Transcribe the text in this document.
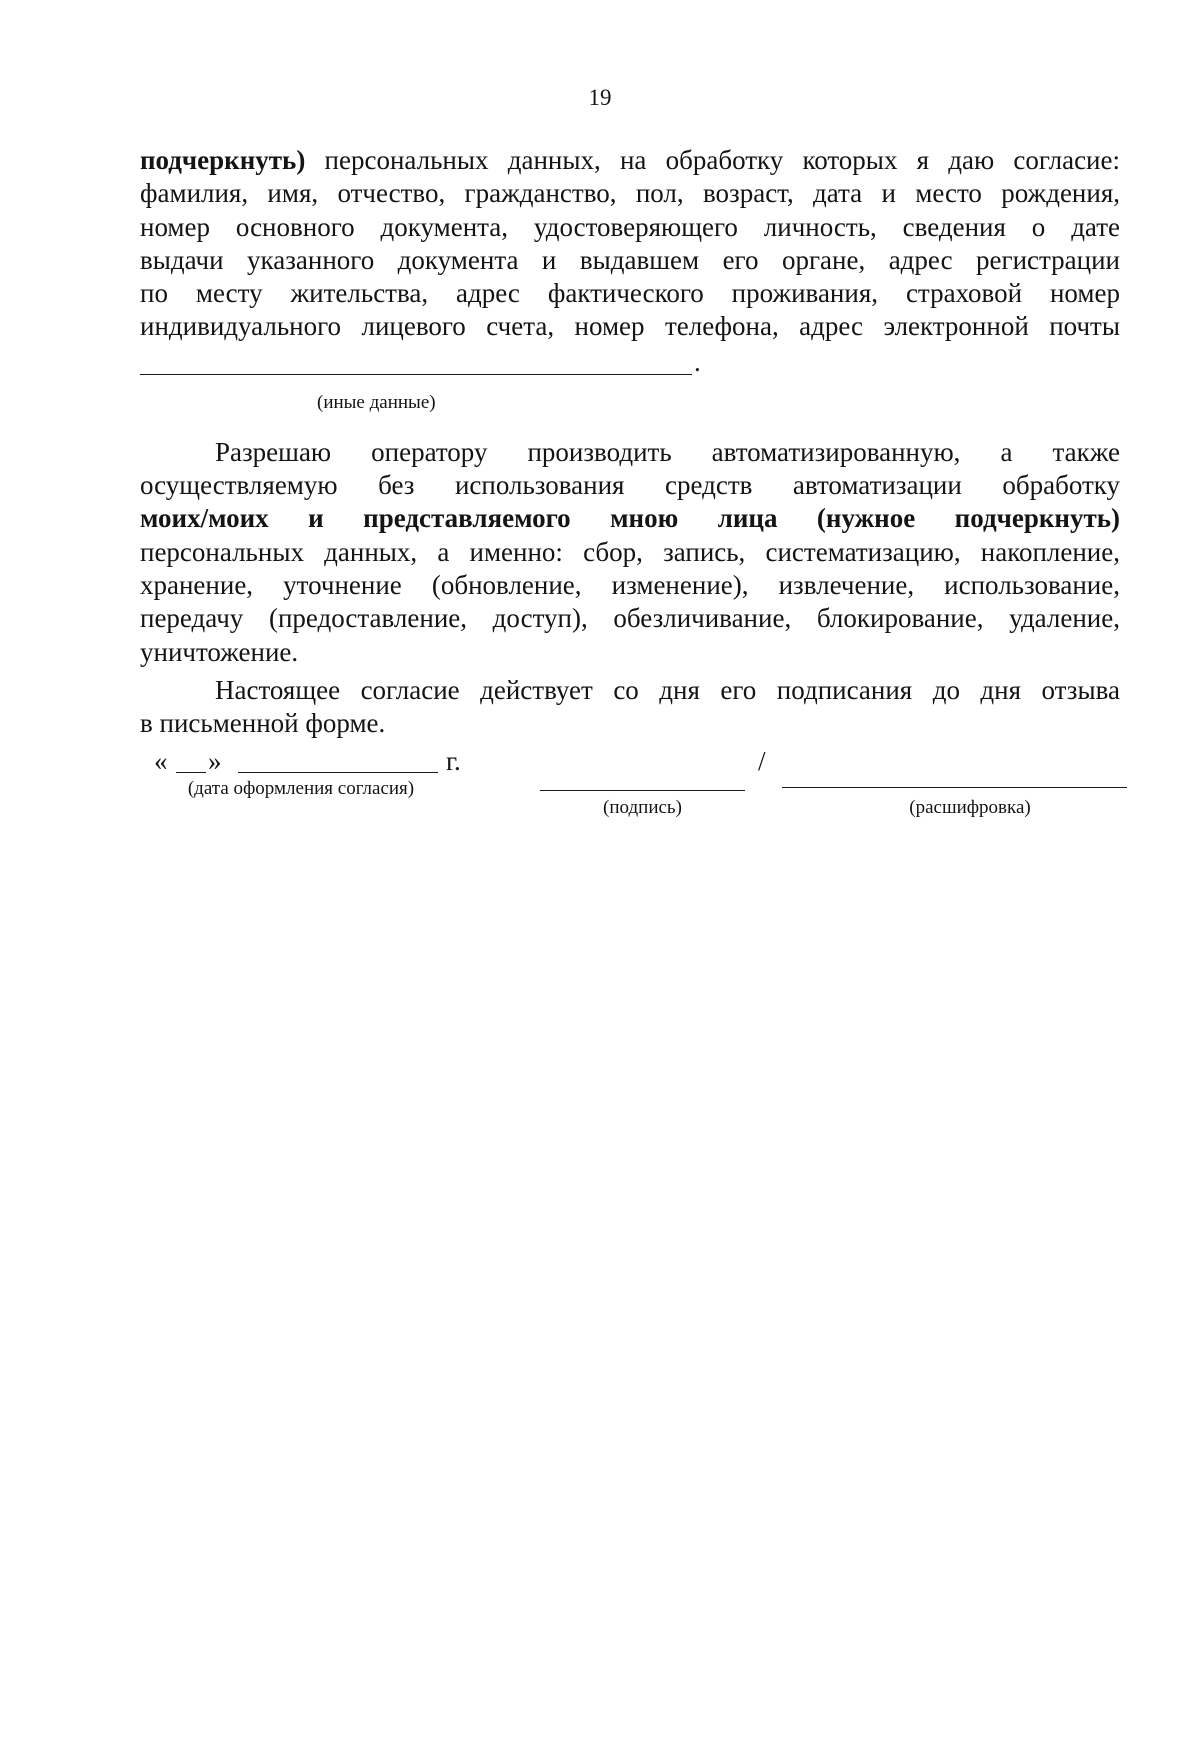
19

подчеркнуть) персональных данных, на обработку которых я даю согласие:

фамилия, имя, отчество, гражданство, пол, возраст, дата и место рождения,

номер основного документа, удостоверяющего личность, сведения о дате

выдачи указанного документа и выдавшем его органе, адрес регистрации

по месту жительства, адрес фактического проживания, страховой номер

индивидуального лицевого счета, номер телефона, адрес электронной почты

.
(иные данные)

Разрешаю оператору производить автоматизированную, а также

осуществляемую без использования средств автоматизации обработку

моих/моих и представляемого мною лица (нужное подчеркнуть)

персональных данных, а именно: сбор, запись, систематизацию, накопление,

хранение, уточнение (обновление, изменение), извлечение, использование,

передачу (предоставление, доступ), обезличивание, блокирование, удаление,

уничтожение.

Настоящее согласие действует со дня его подписания до дня отзыва

в письменной форме.

« »	г.	/
(дата оформления согласия)
(подпись)	(расшифровка)
